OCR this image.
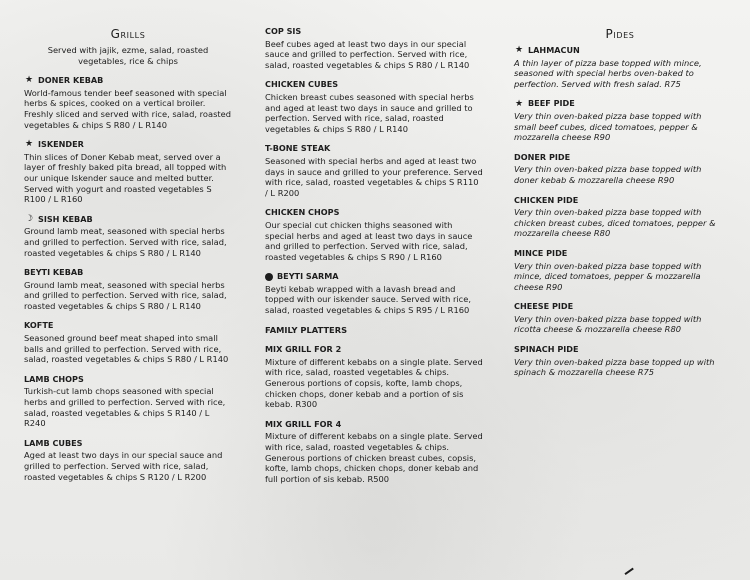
Grills
Served with jajik, ezme, salad, roasted vegetables, rice & chips
★ DONER KEBAB
World-famous tender beef seasoned with special herbs & spices, cooked on a vertical broiler. Freshly sliced and served with rice, salad, roasted vegetables & chips S R80 / L R140
★ ISKENDER
Thin slices of Doner Kebab meat, served over a layer of freshly baked pita bread, all topped with our unique Iskender sauce and melted butter. Served with yogurt and roasted vegetables S R100 / L R160
☽ SISH KEBAB
Ground lamb meat, seasoned with special herbs and grilled to perfection. Served with rice, salad, roasted vegetables & chips S R80 / L R140
BEYTI KEBAB
Ground lamb meat, seasoned with special herbs and grilled to perfection. Served with rice, salad, roasted vegetables & chips S R80 / L R140
KOFTE
Seasoned ground beef meat shaped into small balls and grilled to perfection. Served with rice, salad, roasted vegetables & chips S R80 / L R140
LAMB CHOPS
Turkish-cut lamb chops seasoned with special herbs and grilled to perfection. Served with rice, salad, roasted vegetables & chips S R140 / L R240
LAMB CUBES
Aged at least two days in our special sauce and grilled to perfection. Served with rice, salad, roasted vegetables & chips S R120 / L R200
COP SIS
Beef cubes aged at least two days in our special sauce and grilled to perfection. Served with rice, salad, roasted vegetables & chips S R80 / L R140
CHICKEN CUBES
Chicken breast cubes seasoned with special herbs and aged at least two days in sauce and grilled to perfection. Served with rice, salad, roasted vegetables & chips S R80 / L R140
T-BONE STEAK
Seasoned with special herbs and aged at least two days in sauce and grilled to your preference. Served with rice, salad, roasted vegetables & chips S R110 / L R200
CHICKEN CHOPS
Our special cut chicken thighs seasoned with special herbs and aged at least two days in sauce and grilled to perfection. Served with rice, salad, roasted vegetables & chips S R90 / L R160
BEYTI SARMA
Beyti kebab wrapped with a lavash bread and topped with our iskender sauce. Served with rice, salad, roasted vegetables & chips S R95 / L R160
FAMILY PLATTERS
MIX GRILL FOR 2
Mixture of different kebabs on a single plate. Served with rice, salad, roasted vegetables & chips. Generous portions of copsis, kofte, lamb chops, chicken chops, doner kebab and a portion of sis kebab. R300
MIX GRILL FOR 4
Mixture of different kebabs on a single plate. Served with rice, salad, roasted vegetables & chips. Generous portions of chicken breast cubes, copsis, kofte, lamb chops, chicken chops, doner kebab and full portion of sis kebab. R500
Pides
★ LAHMACUN
A thin layer of pizza base topped with mince, seasoned with special herbs oven-baked to perfection. Served with fresh salad. R75
★ BEEF PIDE
Very thin oven-baked pizza base topped with small beef cubes, diced tomatoes, pepper & mozzarella cheese R90
DONER PIDE
Very thin oven-baked pizza base topped with doner kebab & mozzarella cheese R90
CHICKEN PIDE
Very thin oven-baked pizza base topped with chicken breast cubes, diced tomatoes, pepper & mozzarella cheese R80
MINCE PIDE
Very thin oven-baked pizza base topped with mince, diced tomatoes, pepper & mozzarella cheese R90
CHEESE PIDE
Very thin oven-baked pizza base topped with ricotta cheese & mozzarella cheese R80
SPINACH PIDE
Very thin oven-baked pizza base topped up with spinach & mozzarella cheese R75
